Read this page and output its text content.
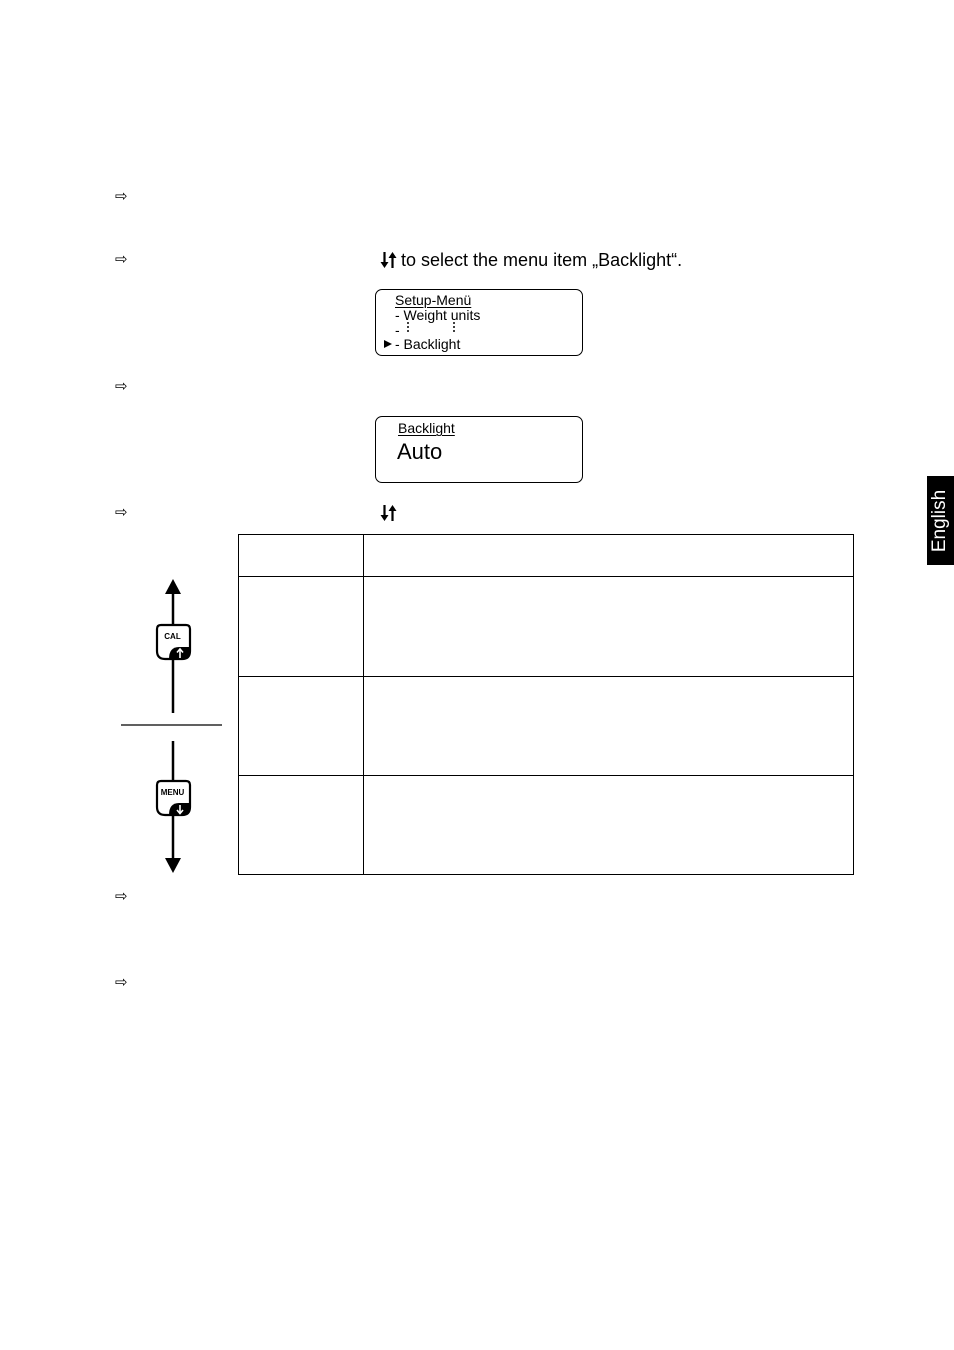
⇨
⇨	to select the menu item „Backlight“.
Setup-Menü
- Weight units
-
- Backlight
⇨
Backlight
Auto
⇨
CAL
MENU

⇨
⇨
English
